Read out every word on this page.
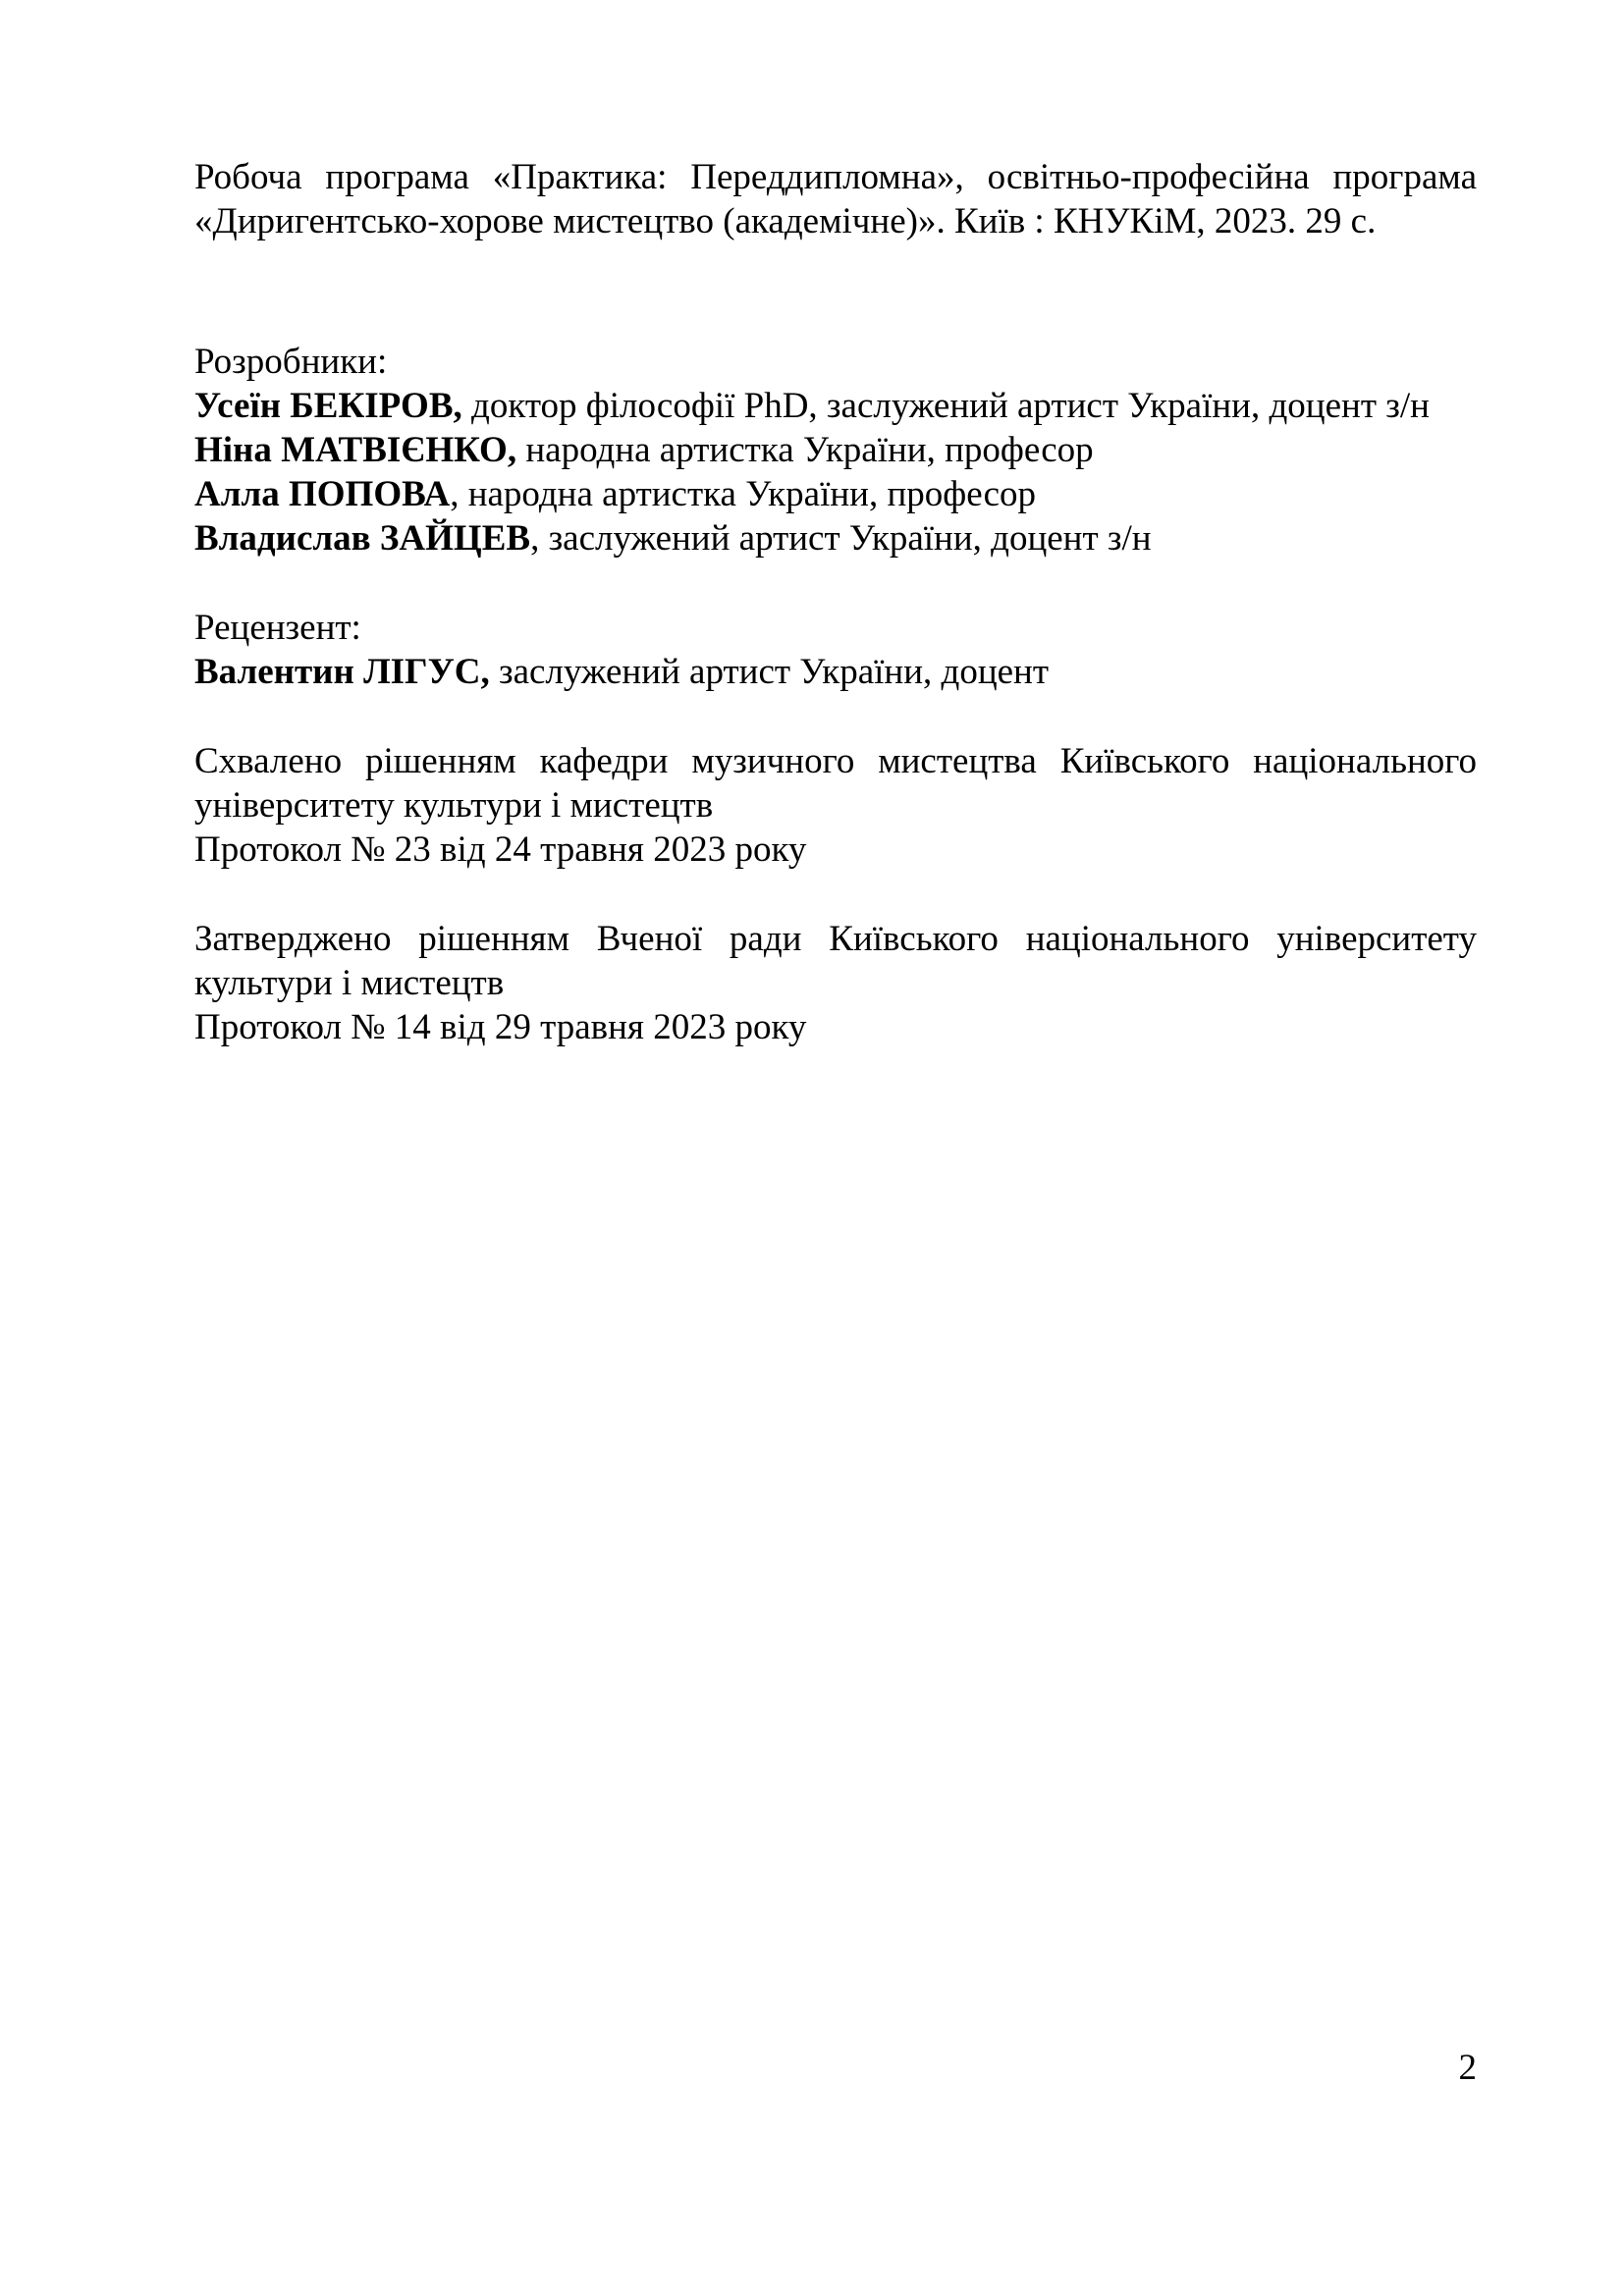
Робоча програма «Практика: Переддипломна», освітньо-професійна програма «Диригентсько-хорове мистецтво (академічне)». Київ : КНУКіМ, 2023. 29 с.

Розробники:
Усеїн БЕКІРОВ, доктор філософії PhD, заслужений артист України, доцент з/н
Ніна МАТВІЄНКО, народна артистка України, професор
Алла ПОПОВА, народна артистка України, професор
Владислав ЗАЙЦЕВ, заслужений артист України, доцент з/н
Рецензент:
Валентин ЛІГУС, заслужений артист України, доцент
Схвалено рішенням кафедри музичного мистецтва Київського національного університету культури і мистецтв
Протокол № 23 від 24 травня 2023 року
Затверджено рішенням Вченої ради Київського національного університету культури і мистецтв
Протокол № 14 від 29 травня 2023 року
2
